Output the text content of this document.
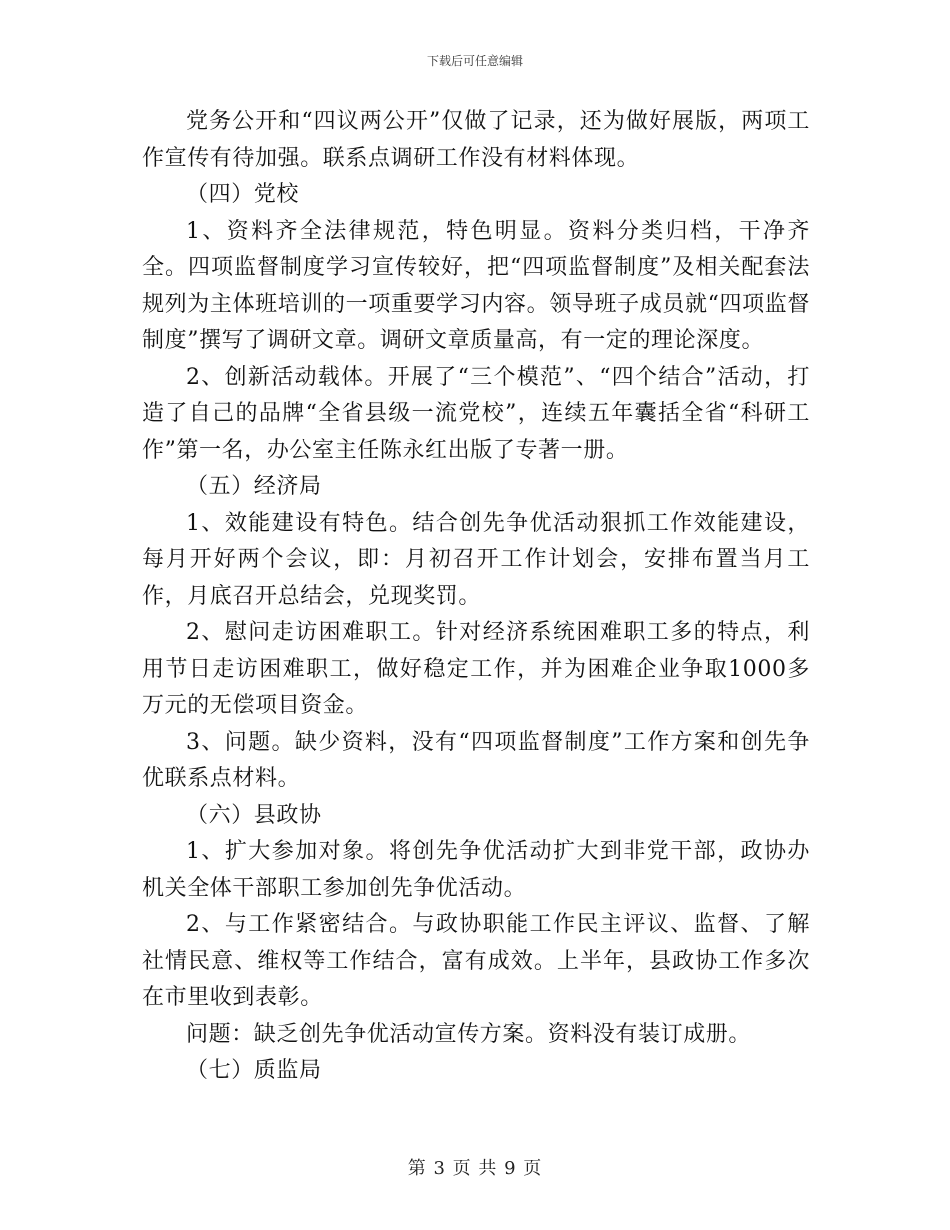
下载后可任意编辑

党务公开和“四议两公开”仅做了记录，还为做好展版，两项工作宣传有待加强。联系点调研工作没有材料体现。

（四）党校

1、资料齐全法律规范，特色明显。资料分类归档，干净齐全。四项监督制度学习宣传较好，把“四项监督制度”及相关配套法规列为主体班培训的一项重要学习内容。领导班子成员就“四项监督制度”撰写了调研文章。调研文章质量高，有一定的理论深度。

2、创新活动载体。开展了“三个模范”、“四个结合”活动，打造了自己的品牌“全省县级一流党校”，连续五年囊括全省“科研工作”第一名，办公室主任陈永红出版了专著一册。

（五）经济局

1、效能建设有特色。结合创先争优活动狠抓工作效能建设，每月开好两个会议，即：月初召开工作计划会，安排布置当月工作，月底召开总结会，兑现奖罚。

2、慰问走访困难职工。针对经济系统困难职工多的特点，利用节日走访困难职工，做好稳定工作，并为困难企业争取1000多万元的无偿项目资金。

3、问题。缺少资料，没有“四项监督制度”工作方案和创先争优联系点材料。

（六）县政协

1、扩大参加对象。将创先争优活动扩大到非党干部，政协办机关全体干部职工参加创先争优活动。

2、与工作紧密结合。与政协职能工作民主评议、监督、了解社情民意、维权等工作结合，富有成效。上半年，县政协工作多次在市里收到表彰。

问题：缺乏创先争优活动宣传方案。资料没有装订成册。

（七）质监局

第 3 页 共 9 页
